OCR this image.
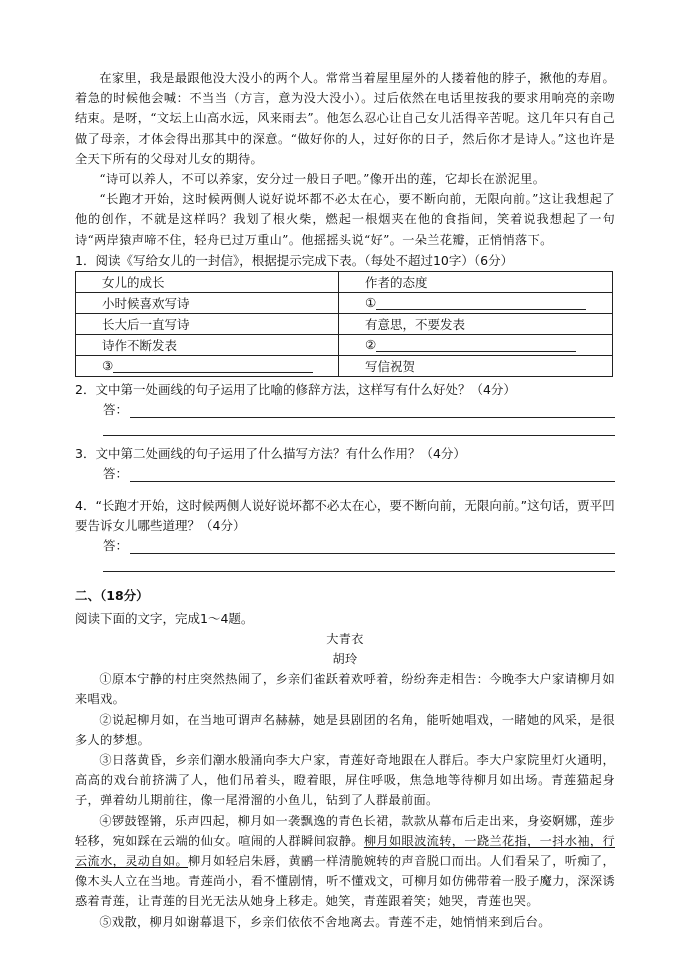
在家里，我是最跟他没大没小的两个人。常常当着屋里屋外的人搂着他的脖子，揪他的寿眉。着急的时候他会喊：不当当（方言，意为没大没小）。过后依然在电话里按我的要求用响亮的亲吻结束。是呀，“文坛上山高水远，风来雨去”。他怎么忍心让自己女儿活得辛苦呢。这几年只有自己做了母亲，才体会得出那其中的深意。“做好你的人，过好你的日子，然后你才是诗人。”这也许是全天下所有的父母对儿女的期待。

“诗可以养人，不可以养家，安分过一般日子吧。”像开出的莲，它却长在淤泥里。

“长跑才开始，这时候两侧人说好说坏都不必太在心，要不断向前，无限向前。”这让我想起了他的创作，不就是这样吗？我划了根火柴，燃起一根烟夹在他的食指间，笑着说我想起了一句诗“两岸猿声啼不住，轻舟已过万重山”。他摇摇头说“好”。一朵兰花瓣，正悄悄落下。

1．阅读《写给女儿的一封信》，根据提示完成下表。（每处不超过10字）（6分）

女儿的成长	作者的态度
小时候喜欢写诗	①
长大后一直写诗	有意思，不要发表
诗作不断发表	②
③	写信祝贺

2．文中第一处画线的句子运用了比喻的修辞方法，这样写有什么好处？（4分）

答：

3．文中第二处画线的句子运用了什么描写方法？有什么作用？（4分）

答：

4．“长跑才开始，这时候两侧人说好说坏都不必太在心，要不断向前，无限向前。”这句话，贾平凹要告诉女儿哪些道理？（4分）

答：

二、（18分）

阅读下面的文字，完成1～4题。

大青衣

胡玲

①原本宁静的村庄突然热闹了，乡亲们雀跃着欢呼着，纷纷奔走相告：今晚李大户家请柳月如来唱戏。

②说起柳月如，在当地可谓声名赫赫，她是县剧团的名角，能听她唱戏，一睹她的风采，是很多人的梦想。

③日落黄昏，乡亲们潮水般涌向李大户家，青莲好奇地跟在人群后。李大户家院里灯火通明，高高的戏台前挤满了人，他们吊着头，瞪着眼，屏住呼吸，焦急地等待柳月如出场。青莲猫起身子，弹着幼儿期前往，像一尾滑溜的小鱼儿，钻到了人群最前面。

④锣鼓铿锵，乐声四起，柳月如一袭飘逸的青色长裙，款款从幕布后走出来，身姿婀娜，莲步轻移，宛如踩在云端的仙女。喧闹的人群瞬间寂静。柳月如眼波流转，一跷兰花指，一抖水袖，行云流水，灵动自如。柳月如轻启朱唇，黄鹂一样清脆婉转的声音脱口而出。人们看呆了，听痴了，像木头人立在当地。青莲尚小，看不懂剧情，听不懂戏文，可柳月如仿佛带着一股子魔力，深深诱惑着青莲，让青莲的目光无法从她身上移走。她笑，青莲跟着笑；她哭，青莲也哭。

⑤戏散，柳月如谢幕退下，乡亲们依依不舍地离去。青莲不走，她悄悄来到后台。
